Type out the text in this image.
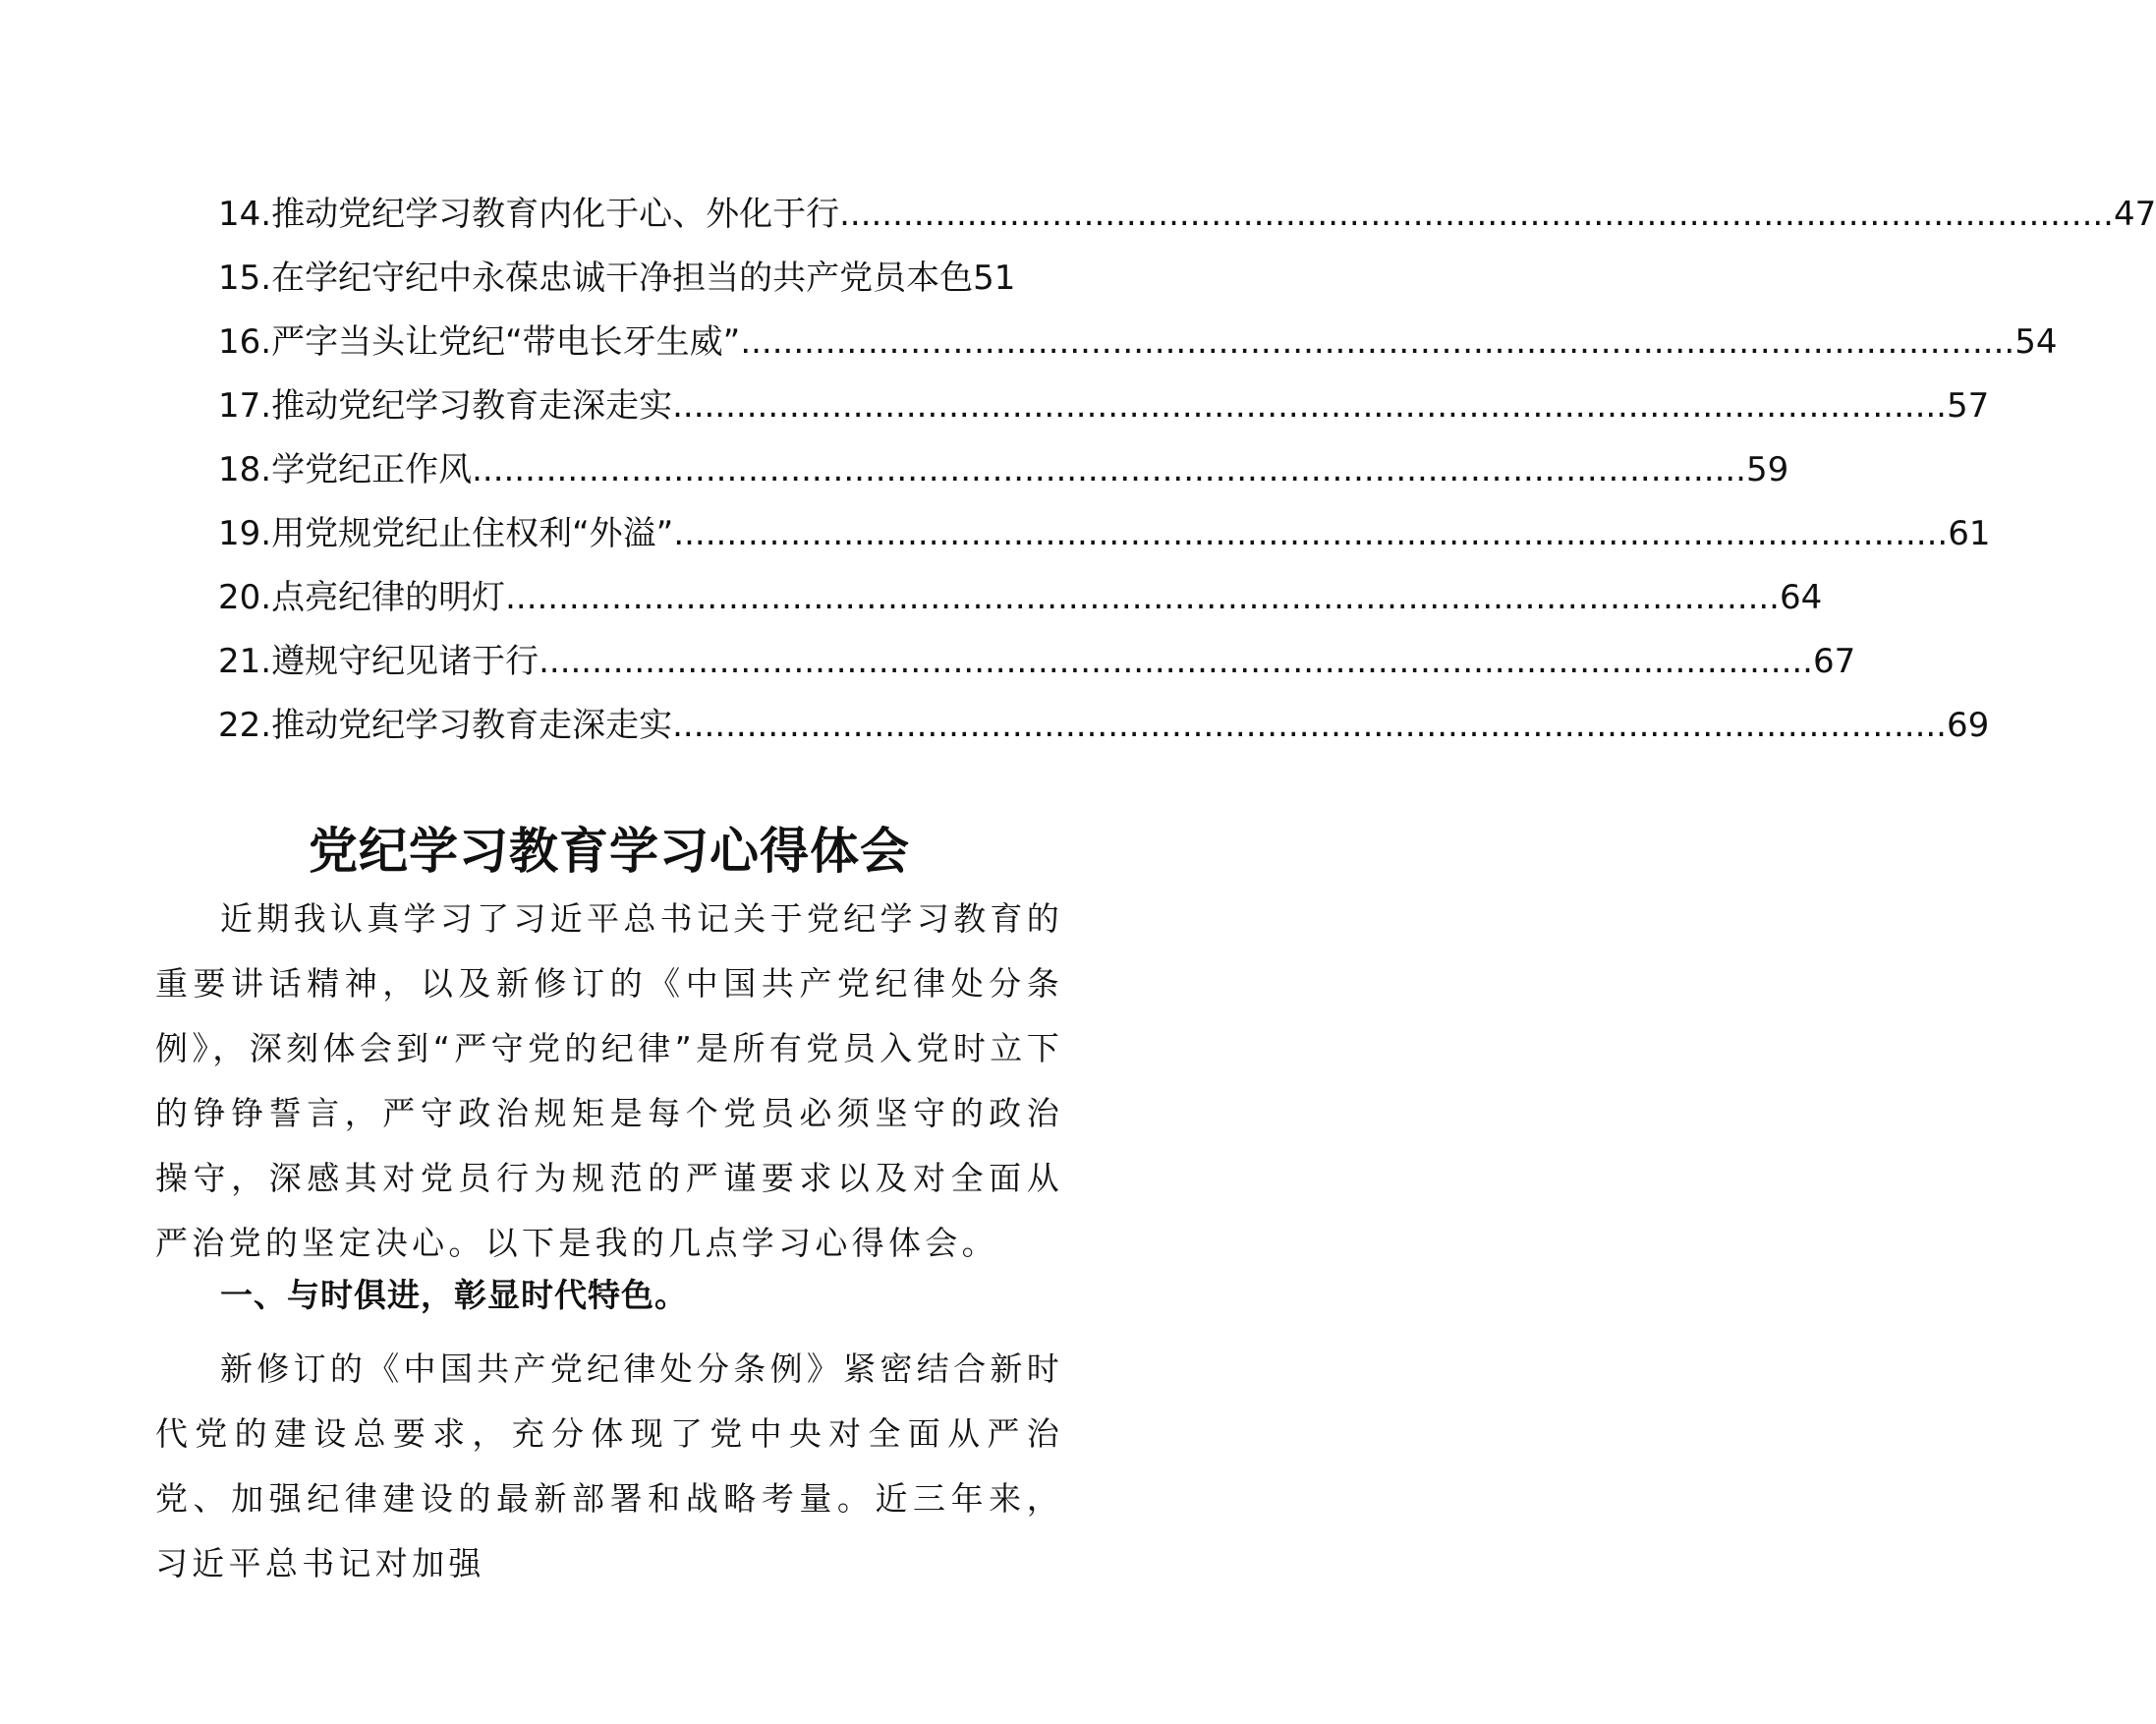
14.推动党纪学习教育内化于心、外化于行 ........................................................................................................................ 47
15.在学纪守纪中永葆忠诚干净担当的共产党员本色 51
16.严字当头让党纪“带电长牙生威” ........................................................................................................................ 54
17.推动党纪学习教育走深走实 ........................................................................................................................ 57
18.学党纪正作风 ........................................................................................................................ 59
19.用党规党纪止住权利“外溢” ........................................................................................................................ 61
20.点亮纪律的明灯 ........................................................................................................................ 64
21.遵规守纪见诸于行 ........................................................................................................................ 67
22.推动党纪学习教育走深走实 ........................................................................................................................ 69
党纪学习教育学习心得体会

近期我认真学习了习近平总书记关于党纪学习教育的重要讲话精神，以及新修订的《中国共产党纪律处分条例》，深刻体会到“严守党的纪律”是所有党员入党时立下的铮铮誓言，严守政治规矩是每个党员必须坚守的政治操守，深感其对党员行为规范的严谨要求以及对全面从严治党的坚定决心。以下是我的几点学习心得体会。

一、与时俱进，彰显时代特色。

新修订的《中国共产党纪律处分条例》紧密结合新时代党的建设总要求，充分体现了党中央对全面从严治党、加强纪律建设的最新部署和战略考量。近三年来，习近平总书记对加强
